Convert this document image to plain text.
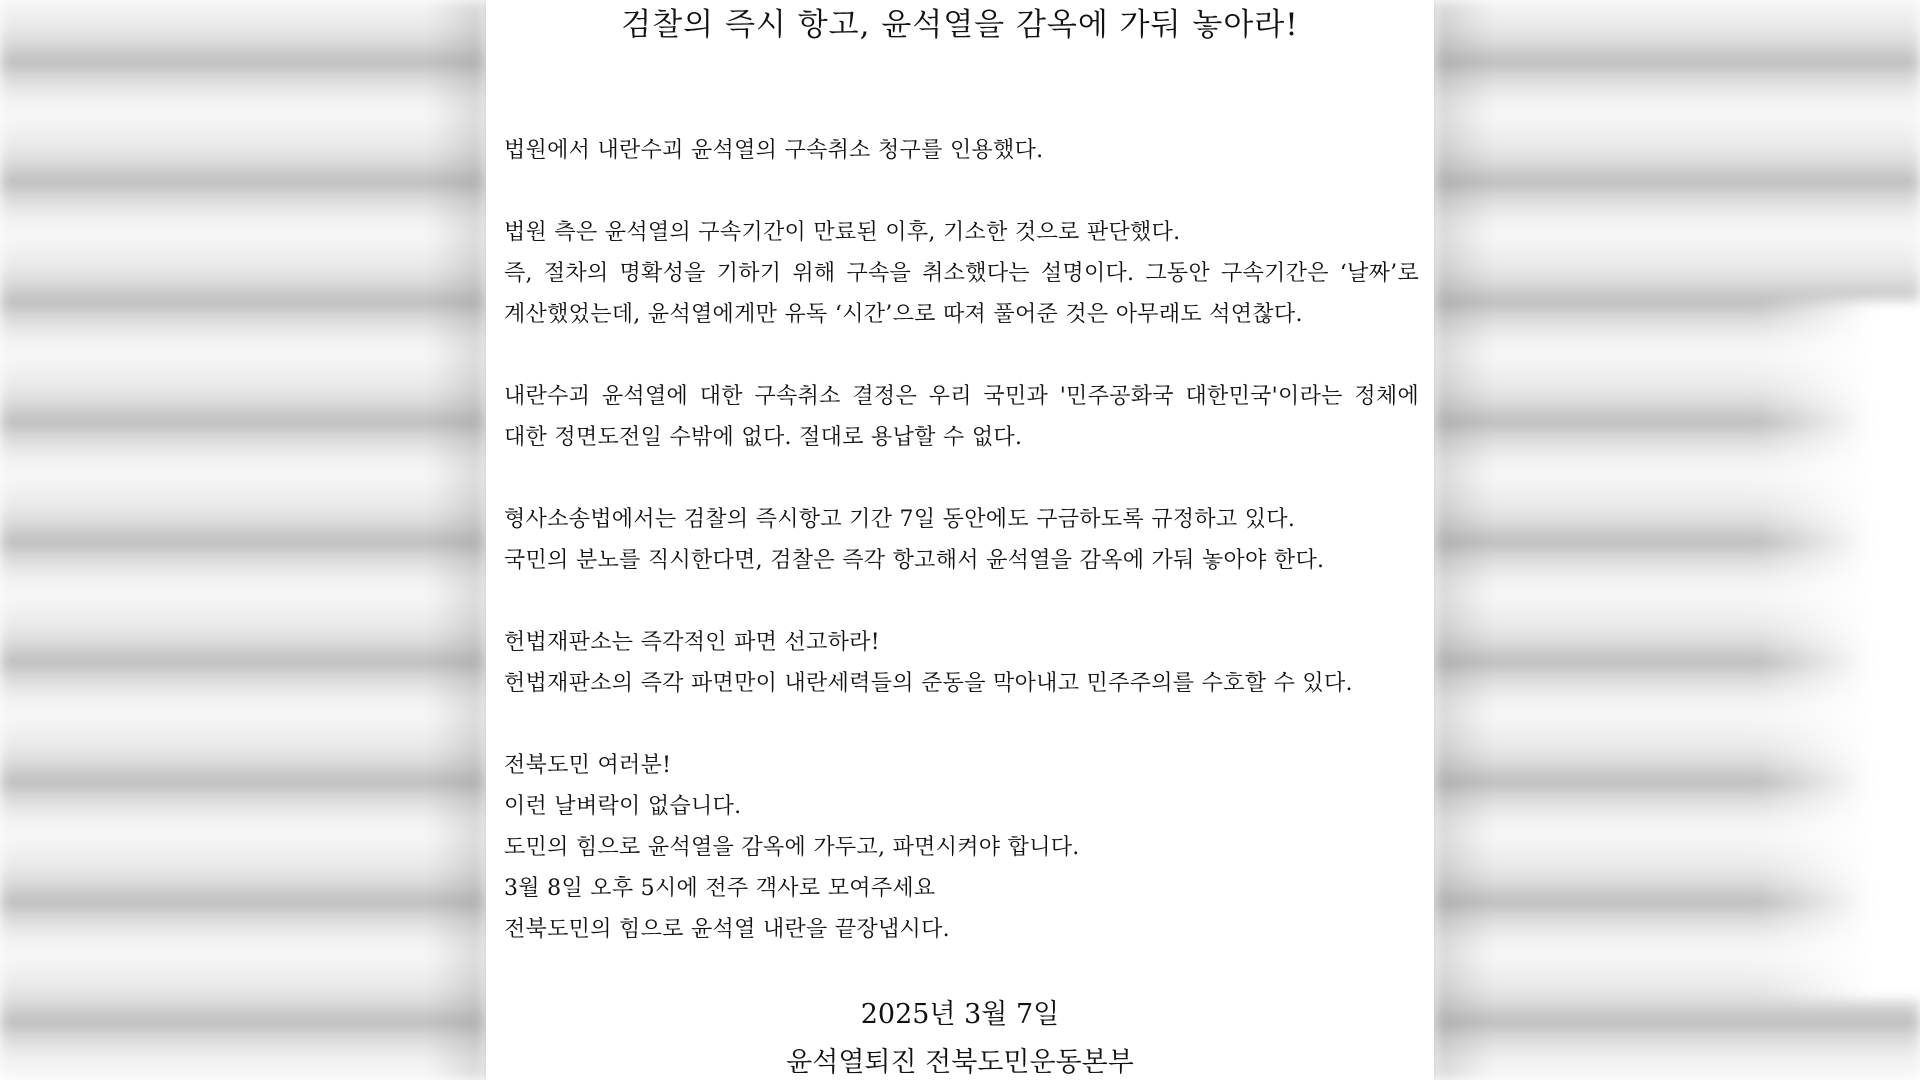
검찰의 즉시 항고, 윤석열을 감옥에 가둬 놓아라!
법원에서 내란수괴 윤석열의 구속취소 청구를 인용했다.
법원 측은 윤석열의 구속기간이 만료된 이후, 기소한 것으로 판단했다.
즉, 절차의 명확성을 기하기 위해 구속을 취소했다는 설명이다. 그동안 구속기간은 ‘날짜’로
계산했었는데, 윤석열에게만 유독 ‘시간’으로 따져 풀어준 것은 아무래도 석연찮다.
내란수괴 윤석열에 대한 구속취소 결정은 우리 국민과 '민주공화국 대한민국'이라는 정체에
대한 정면도전일 수밖에 없다. 절대로 용납할 수 없다.
형사소송법에서는 검찰의 즉시항고 기간 7일 동안에도 구금하도록 규정하고 있다.
국민의 분노를 직시한다면, 검찰은 즉각 항고해서 윤석열을 감옥에 가둬 놓아야 한다.
헌법재판소는 즉각적인 파면 선고하라!
헌법재판소의 즉각 파면만이 내란세력들의 준동을 막아내고 민주주의를 수호할 수 있다.
전북도민 여러분!
이런 날벼락이 없습니다.
도민의 힘으로 윤석열을 감옥에 가두고, 파면시켜야 합니다.
3월 8일 오후 5시에 전주 객사로 모여주세요
전북도민의 힘으로 윤석열 내란을 끝장냅시다.
2025년 3월 7일
윤석열퇴진 전북도민운동본부
